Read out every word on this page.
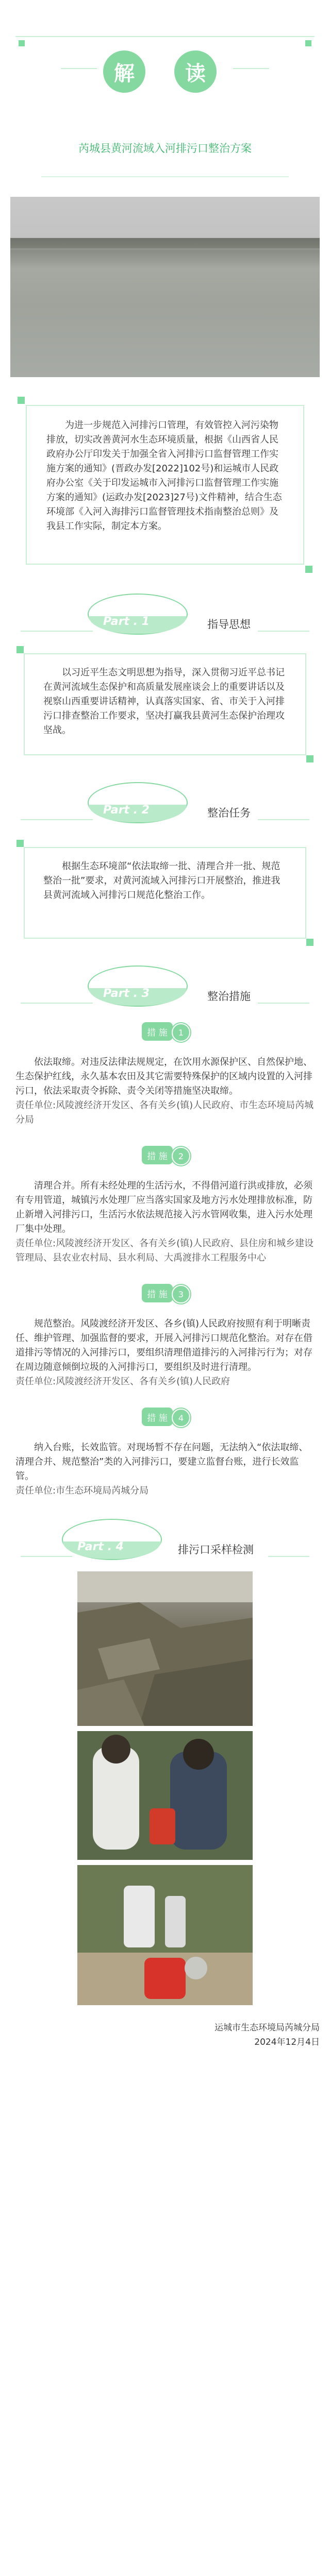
解	读
芮城县黄河流域入河排污口整治方案

为进一步规范入河排污口管理，有效管控入河污染物排放，切实改善黄河水生态环境质量，根据《山西省人民政府办公厅印发关于加强全省入河排污口监督管理工作实施方案的通知》(晋政办发[2022]102号)和运城市人民政府办公室《关于印发运城市入河排污口监督管理工作实施方案的通知》(运政办发[2023]27号)文件精神，结合生态环境部《入河入海排污口监督管理技术指南整治总则》及我县工作实际，制定本方案。

Part . 1	指导思想

以习近平生态文明思想为指导，深入贯彻习近平总书记在黄河流域生态保护和高质量发展座谈会上的重要讲话以及视察山西重要讲话精神，认真落实国家、省、市关于入河排污口排查整治工作要求，坚决打赢我县黄河生态保护治理攻坚战。

Part . 2	整治任务

根据生态环境部“依法取缔一批、清理合并一批、规范整治一批”要求，对黄河流域入河排污口开展整治，推进我县黄河流域入河排污口规范化整治工作。

Part . 3	整治措施
措 施	1

依法取缔。对违反法律法规规定，在饮用水源保护区、自然保护地、生态保护红线，永久基本农田及其它需要特殊保护的区域内设置的入河排污口，依法采取责令拆除、责令关闭等措施坚决取缔。

责任单位:风陵渡经济开发区、各有关乡(镇)人民政府、市生态环境局芮城分局

措 施	2

清理合并。所有未经处理的生活污水，不得借河道行洪或排放，必须有专用管道，城镇污水处理厂应当落实国家及地方污水处理排放标准，防止新增入河排污口，生活污水依法规范接入污水管网收集，进入污水处理厂集中处理。

责任单位:风陵渡经济开发区、各有关乡(镇)人民政府、县住房和城乡建设管理局、县农业农村局、县水利局、大禹渡排水工程服务中心

措 施	3

规范整治。风陵渡经济开发区、各乡(镇)人民政府按照有利于明晰责任、维护管理、加强监督的要求，开展入河排污口规范化整治。对存在借道排污等情况的入河排污口，要组织清理借道排污的入河排污行为；对存在周边随意倾倒垃圾的入河排污口，要组织及时进行清理。

责任单位:风陵渡经济开发区、各有关乡(镇)人民政府

措 施	4

纳入台账，长效监管。对现场暂不存在问题，无法纳入“依法取缔、清理合并、规范整治”类的入河排污口，要建立监督台账，进行长效监管。

责任单位:市生态环境局芮城分局

Part . 4	排污口采样检测
运城市生态环境局芮城分局
2024年12月4日
